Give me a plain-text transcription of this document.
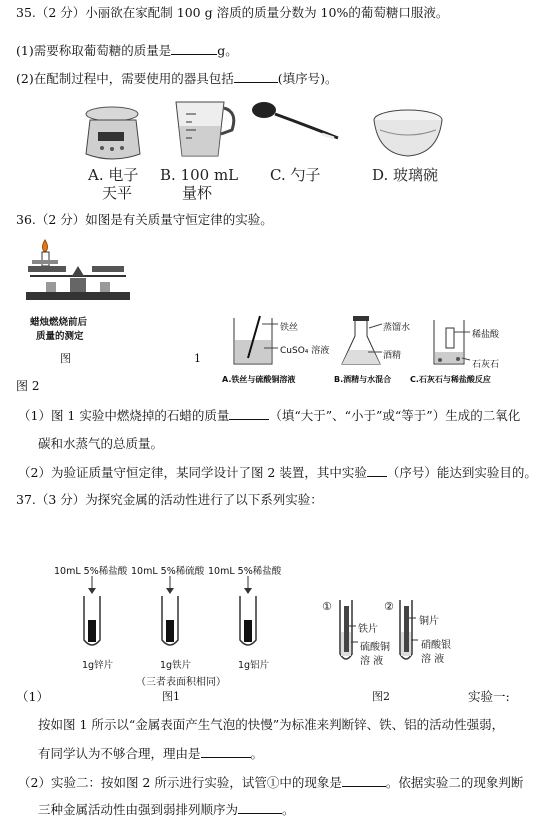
35.（2 分）小丽欲在家配制 100 g 溶质的质量分数为 10%的葡萄糖口服液。
(1)需要称取葡萄糖的质量是	g。
(2)在配制过程中，需要使用的器具包括	(填序号)。
A. 电子
天平
B. 100 mL
量杯
C. 勺子	D. 玻璃碗
36.（2 分）如图是有关质量守恒定律的实验。
蜡烛燃烧前后
质量的测定
图	1
图 2
铁丝
CuSO₄ 溶液
A.铁丝与硫酸铜溶液
蒸馏水
酒精
B.酒精与水混合
稀盐酸
石灰石
C.石灰石与稀盐酸反应
（1）图 1 实验中燃烧掉的石蜡的质量	（填“大于”、“小于”或“等于”）生成的二氧化
碳和水蒸气的总质量。
（2）为验证质量守恒定律，某同学设计了图 2 装置，其中实验 （序号）能达到实验目的。
37.（3 分）为探究金属的活动性进行了以下系列实验：
10mL 5%稀盐酸 10mL 5%稀硫酸 10mL 5%稀盐酸
1g锌片	1g铁片	1g铝片
（三者表面积相同）
①	②
铁片
硫酸铜
溶 液
铜片
硝酸银
溶 液
（1）	图1	图2	实验一:
按如图 1 所示以“金属表面产生气泡的快慢”为标准来判断锌、铁、铝的活动性强弱，
有同学认为不够合理，理由是	。
（2）实验二：按如图 2 所示进行实验，试管①中的现象是	。依据实验二的现象判断
三种金属活动性由强到弱排列顺序为	。
